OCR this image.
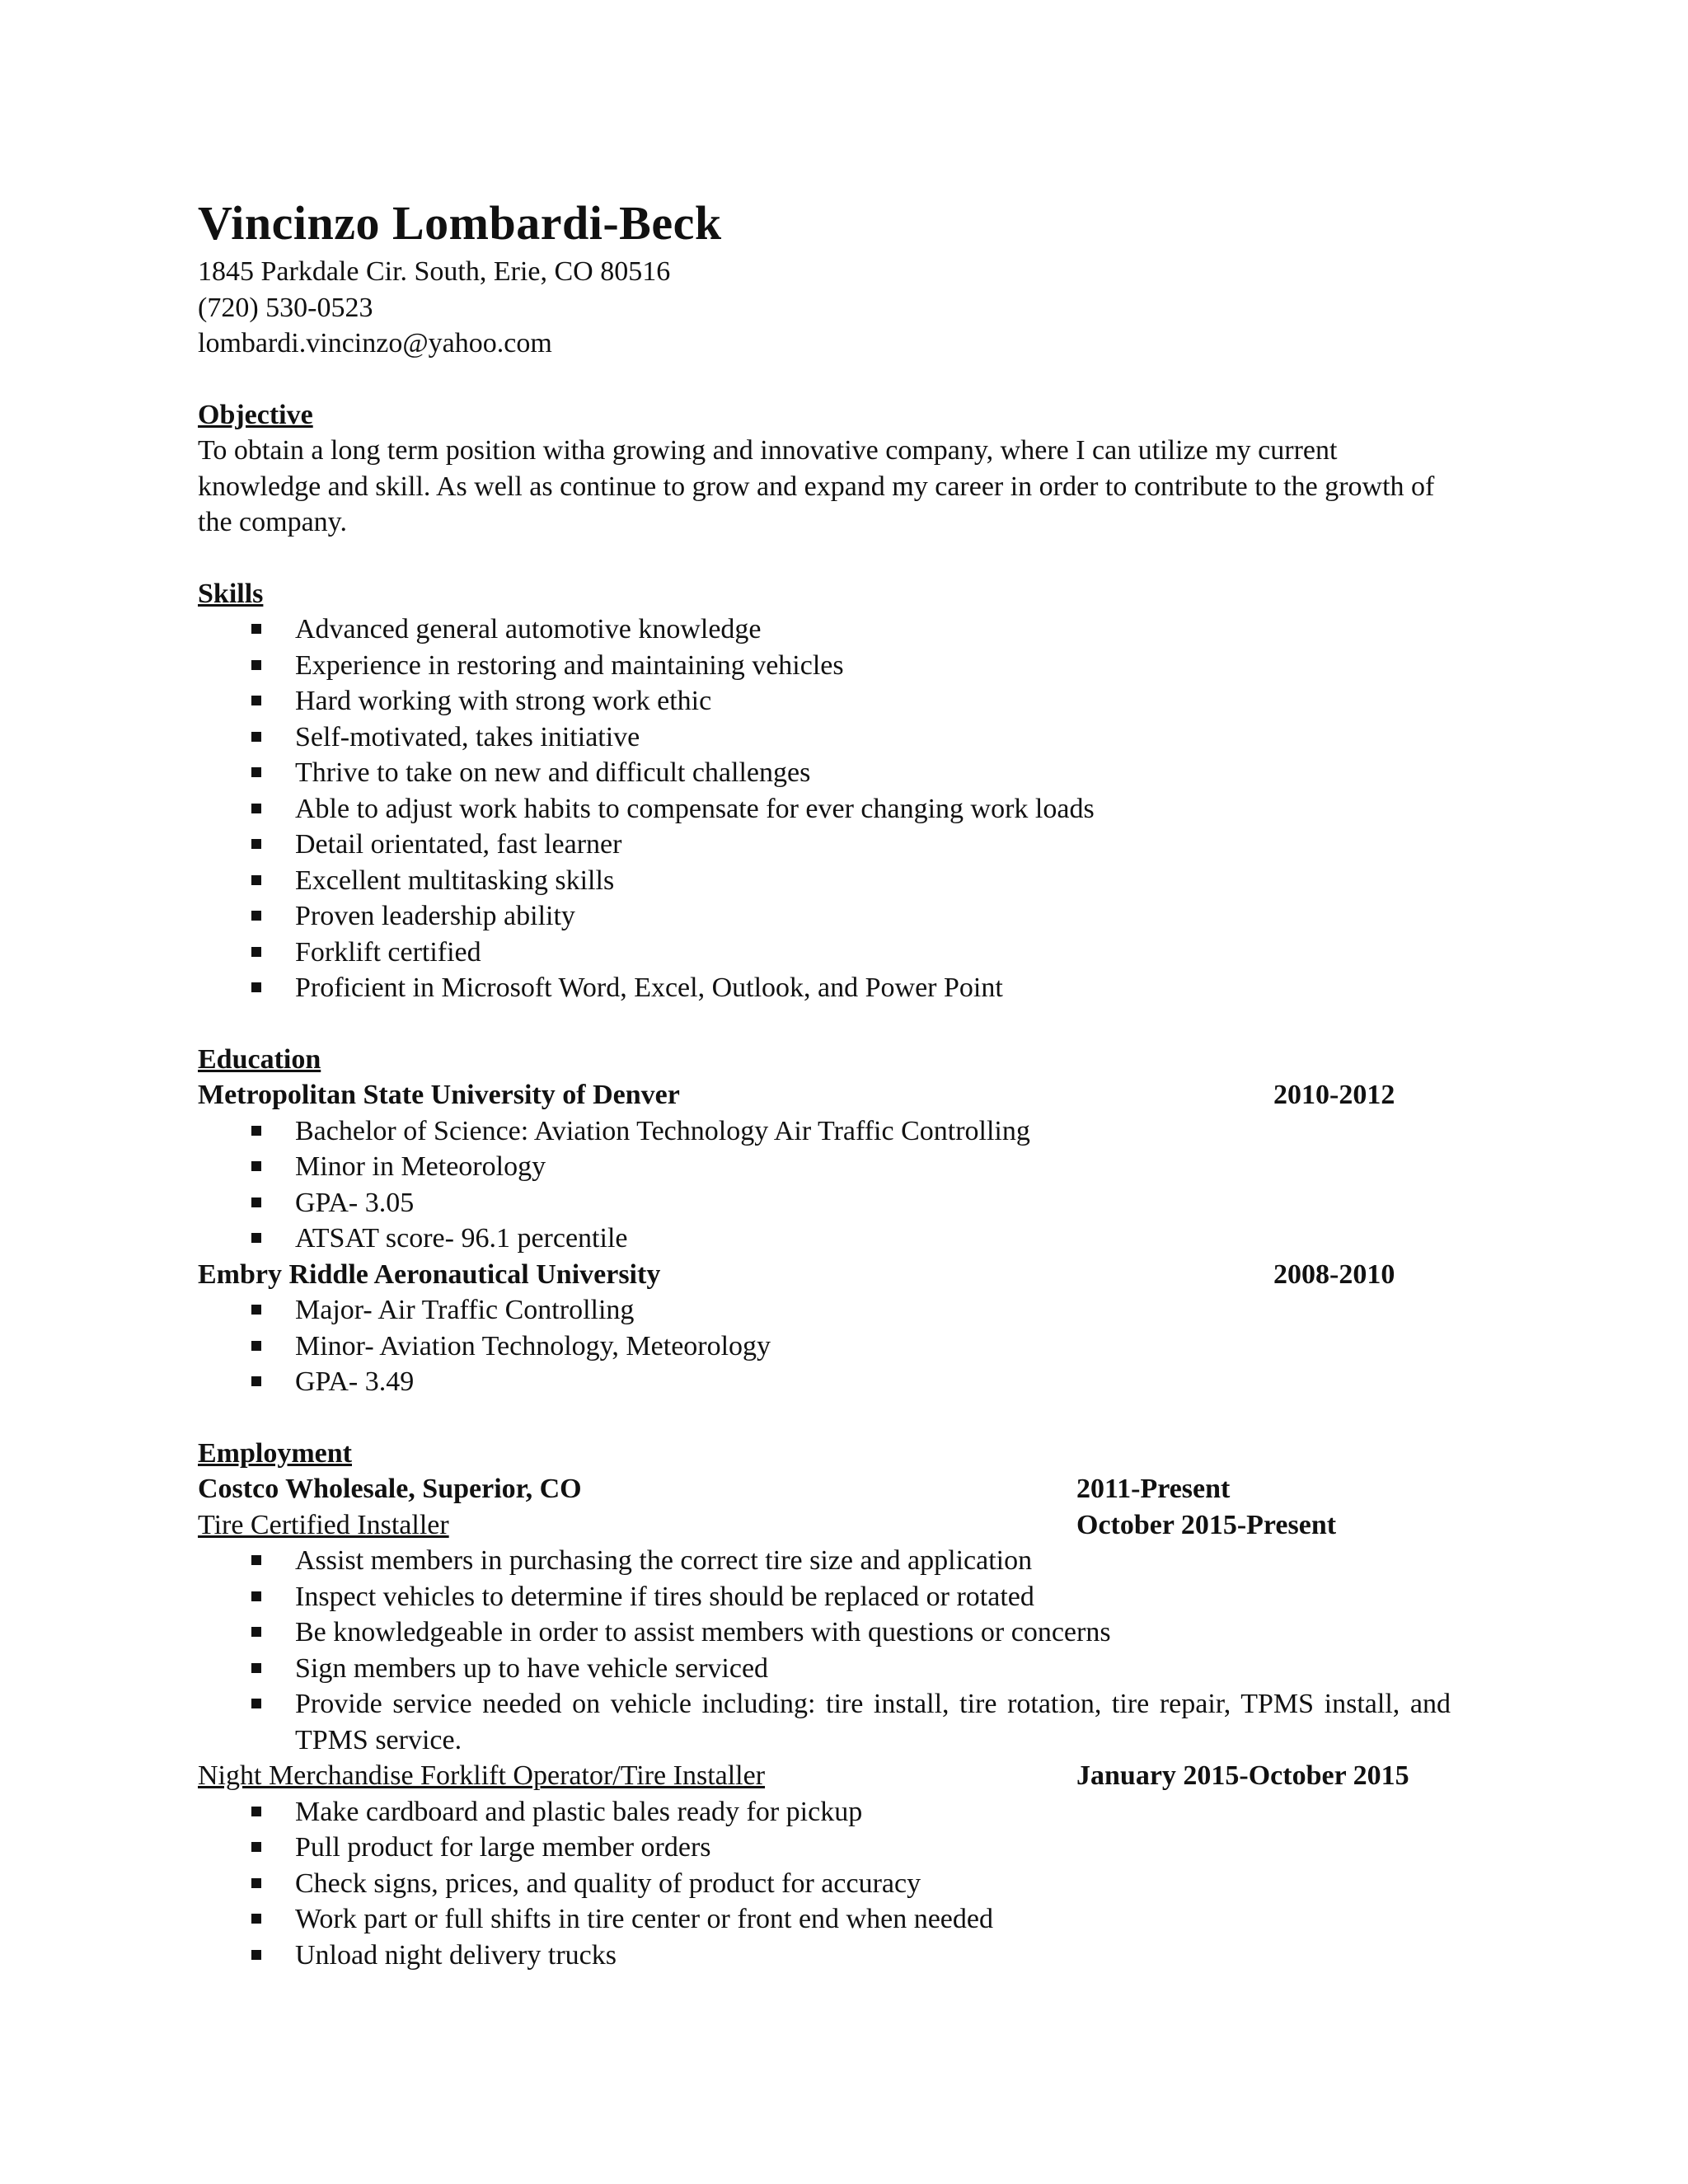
Vincinzo Lombardi-Beck
1845 Parkdale Cir. South, Erie, CO 80516
(720) 530-0523
lombardi.vincinzo@yahoo.com
Objective
To obtain a long term position witha growing and innovative company, where I can utilize my current knowledge and skill. As well as continue to grow and expand my career in order to contribute to the growth of the company.
Skills
Advanced general automotive knowledge
Experience in restoring and maintaining vehicles
Hard working with strong work ethic
Self-motivated, takes initiative
Thrive to take on new and difficult challenges
Able to adjust work habits to compensate for ever changing work loads
Detail orientated, fast learner
Excellent multitasking skills
Proven leadership ability
Forklift certified
Proficient in Microsoft Word, Excel, Outlook, and Power Point
Education
Metropolitan State University of Denver	2010-2012
Bachelor of Science: Aviation Technology Air Traffic Controlling
Minor in Meteorology
GPA- 3.05
ATSAT score- 96.1 percentile
Embry Riddle Aeronautical University	2008-2010
Major- Air Traffic Controlling
Minor- Aviation Technology, Meteorology
GPA- 3.49
Employment
Costco Wholesale, Superior, CO	2011-Present
Tire Certified Installer	October 2015-Present
Assist members in purchasing the correct tire size and application
Inspect vehicles to determine if tires should be replaced or rotated
Be knowledgeable in order to assist members with questions or concerns
Sign members up to have vehicle serviced
Provide service needed on vehicle including: tire install, tire rotation, tire repair, TPMS install, and TPMS service.
Night Merchandise Forklift Operator/Tire Installer	January 2015-October 2015
Make cardboard and plastic bales ready for pickup
Pull product for large member orders
Check signs, prices, and quality of product for accuracy
Work part or full shifts in tire center or front end when needed
Unload night delivery trucks
